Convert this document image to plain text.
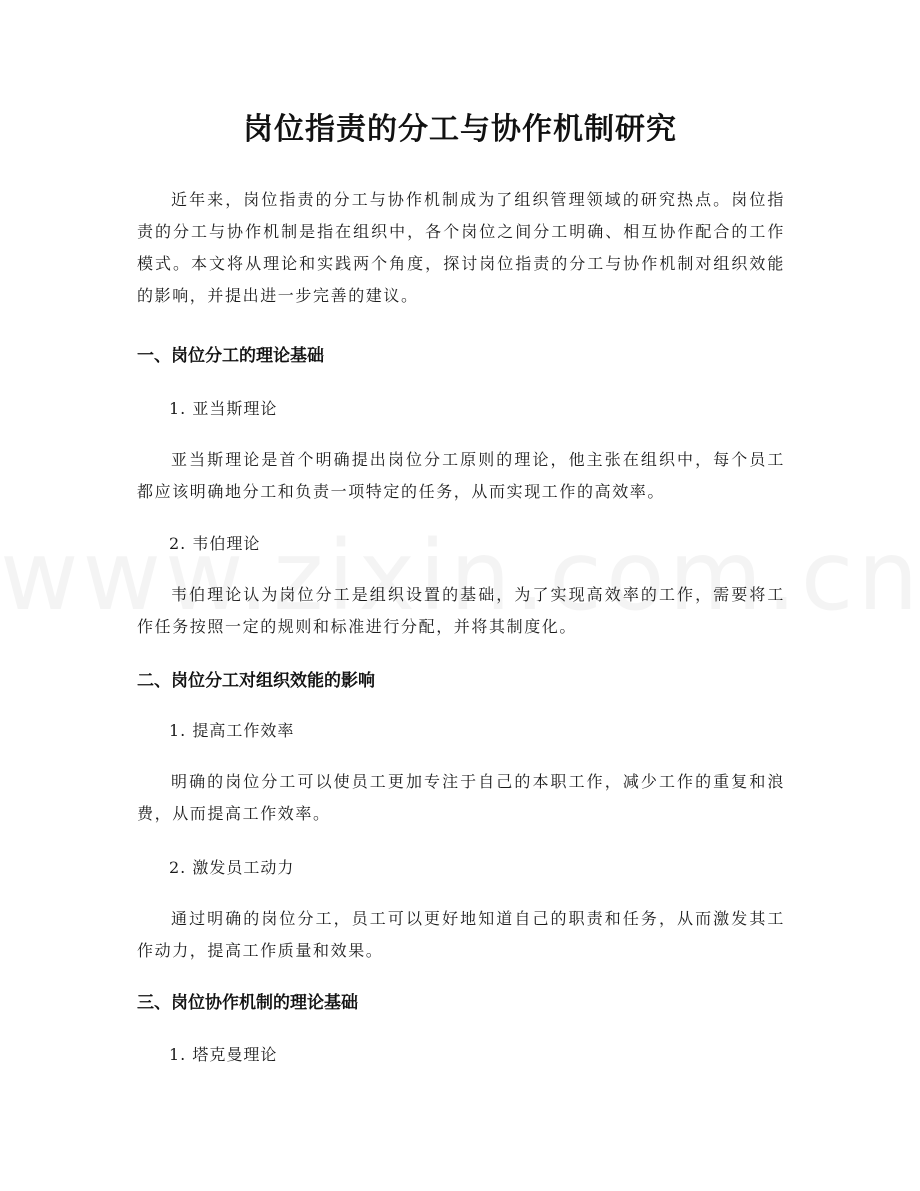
岗位指责的分工与协作机制研究

近年来，岗位指责的分工与协作机制成为了组织管理领域的研究热点。岗位指责的分工与协作机制是指在组织中，各个岗位之间分工明确、相互协作配合的工作模式。本文将从理论和实践两个角度，探讨岗位指责的分工与协作机制对组织效能的影响，并提出进一步完善的建议。

一、岗位分工的理论基础

1. 亚当斯理论

亚当斯理论是首个明确提出岗位分工原则的理论，他主张在组织中，每个员工都应该明确地分工和负责一项特定的任务，从而实现工作的高效率。

2. 韦伯理论

韦伯理论认为岗位分工是组织设置的基础，为了实现高效率的工作，需要将工作任务按照一定的规则和标准进行分配，并将其制度化。

二、岗位分工对组织效能的影响

1. 提高工作效率

明确的岗位分工可以使员工更加专注于自己的本职工作，减少工作的重复和浪费，从而提高工作效率。

2. 激发员工动力

通过明确的岗位分工，员工可以更好地知道自己的职责和任务，从而激发其工作动力，提高工作质量和效果。

三、岗位协作机制的理论基础

1. 塔克曼理论
